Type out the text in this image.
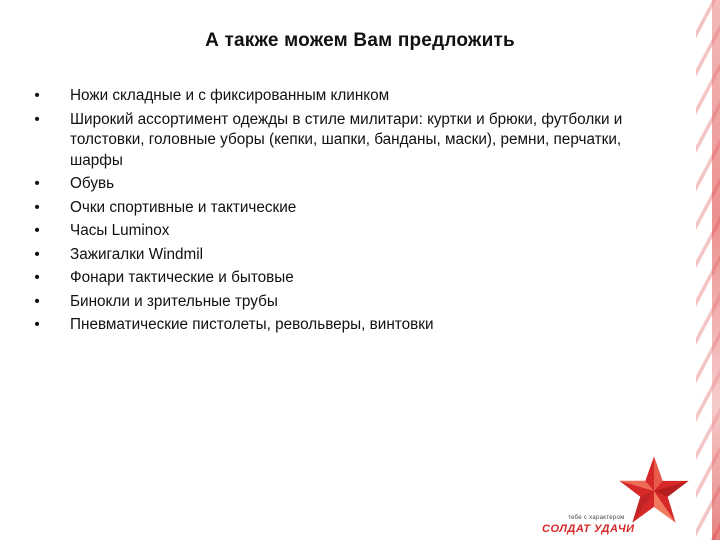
А также можем Вам предложить
• Ножи складные и с фиксированным клинком
• Широкий ассортимент одежды в стиле милитари: куртки и брюки, футболки и толстовки, головные уборы (кепки, шапки, банданы, маски), ремни, перчатки, шарфы
• Обувь
• Очки спортивные и тактические
• Часы Luminox
• Зажигалки Windmil
• Фонари тактические и бытовые
• Бинокли и зрительные трубы
• Пневматические пистолеты, револьверы, винтовки
тебе с характером
СОЛДАТ УДАЧИ
